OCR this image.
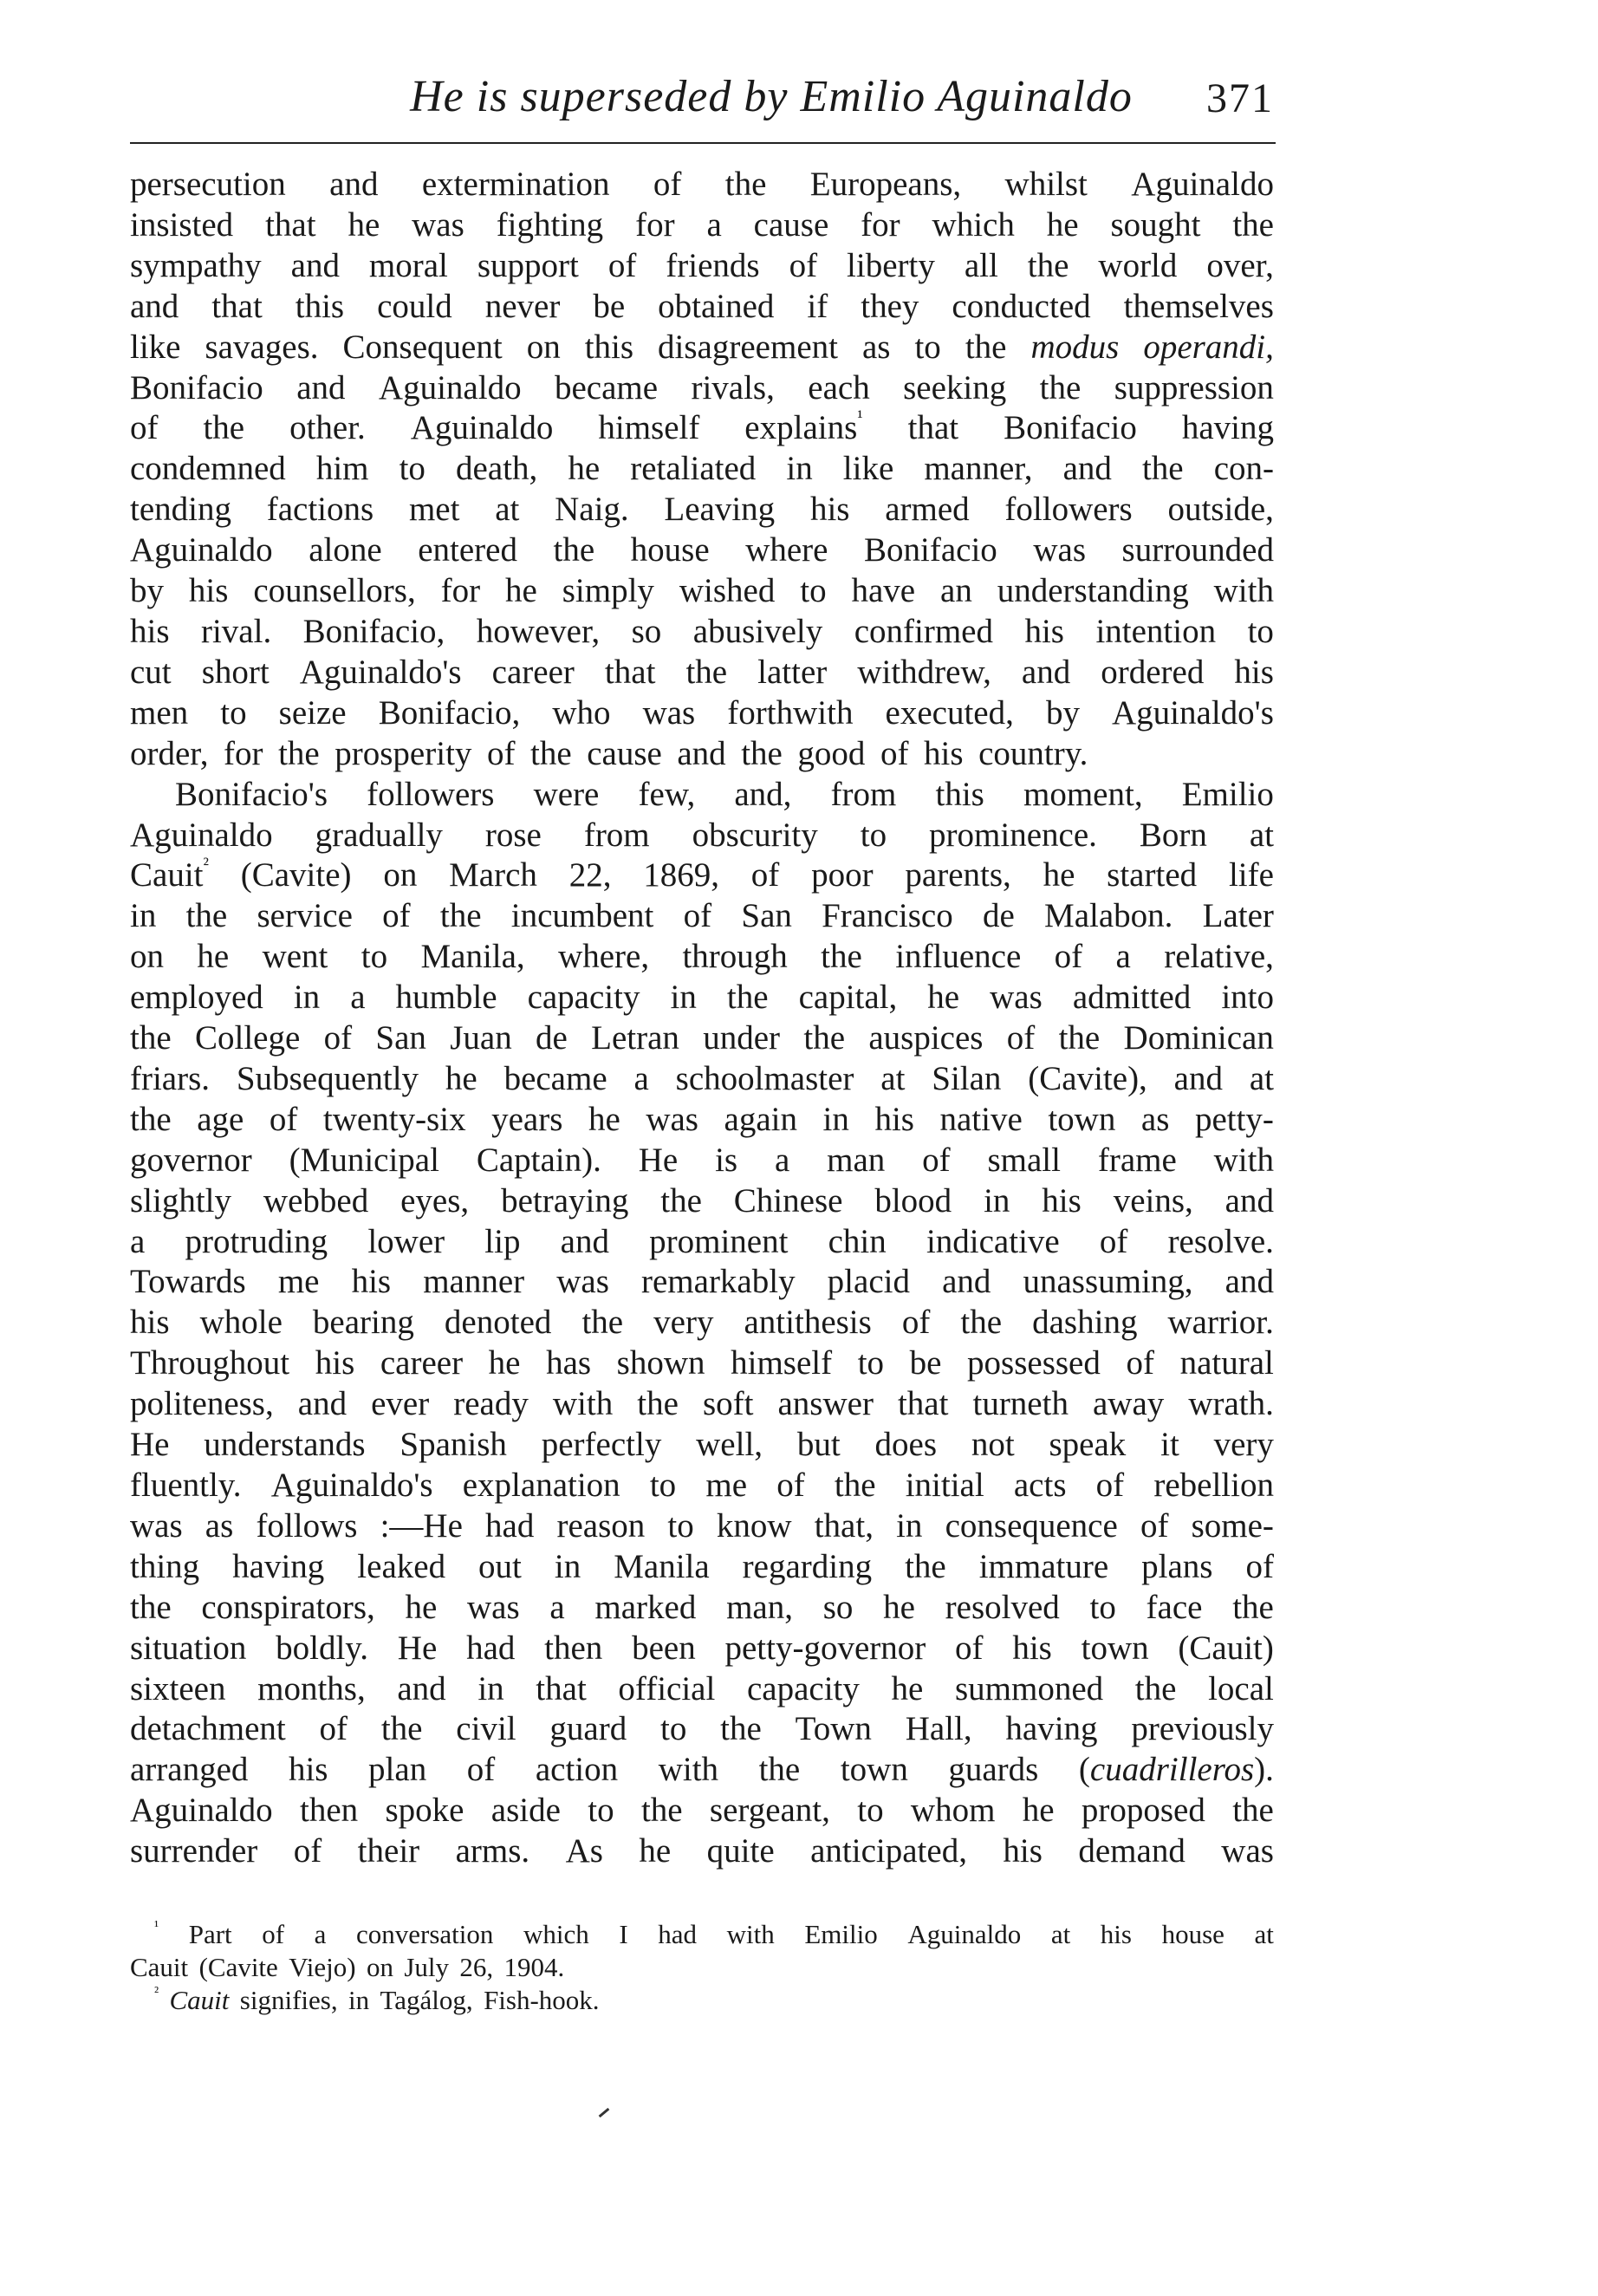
He is superseded by Emilio Aguinaldo	371
persecution and extermination of the Europeans, whilst Aguinaldo
insisted that he was fighting for a cause for which he sought the
sympathy and moral support of friends of liberty all the world over,
and that this could never be obtained if they conducted themselves
like savages. Consequent on this disagreement as to the modus operandi,
Bonifacio and Aguinaldo became rivals, each seeking the suppression
of the other. Aguinaldo himself explains$^{^1}$ that Bonifacio having
condemned him to death, he retaliated in like manner, and the con-
tending factions met at Naig. Leaving his armed followers outside,
Aguinaldo alone entered the house where Bonifacio was surrounded
by his counsellors, for he simply wished to have an understanding with
his rival. Bonifacio, however, so abusively confirmed his intention to
cut short Aguinaldo's career that the latter withdrew, and ordered his
men to seize Bonifacio, who was forthwith executed, by Aguinaldo's
order, for the prosperity of the cause and the good of his country.
Bonifacio's followers were few, and, from this moment, Emilio
Aguinaldo gradually rose from obscurity to prominence. Born at
Cauit$^{^2}$ (Cavite) on March 22, 1869, of poor parents, he started life
in the service of the incumbent of San Francisco de Malabon. Later
on he went to Manila, where, through the influence of a relative,
employed in a humble capacity in the capital, he was admitted into
the College of San Juan de Letran under the auspices of the Dominican
friars. Subsequently he became a schoolmaster at Silan (Cavite), and at
the age of twenty-six years he was again in his native town as petty-
governor (Municipal Captain). He is a man of small frame with
slightly webbed eyes, betraying the Chinese blood in his veins, and
a protruding lower lip and prominent chin indicative of resolve.
Towards me his manner was remarkably placid and unassuming, and
his whole bearing denoted the very antithesis of the dashing warrior.
Throughout his career he has shown himself to be possessed of natural
politeness, and ever ready with the soft answer that turneth away wrath.
He understands Spanish perfectly well, but does not speak it very
fluently. Aguinaldo's explanation to me of the initial acts of rebellion
was as follows :—He had reason to know that, in consequence of some-
thing having leaked out in Manila regarding the immature plans of
the conspirators, he was a marked man, so he resolved to face the
situation boldly. He had then been petty-governor of his town (Cauit)
sixteen months, and in that official capacity he summoned the local
detachment of the civil guard to the Town Hall, having previously
arranged his plan of action with the town guards (cuadrilleros).
Aguinaldo then spoke aside to the sergeant, to whom he proposed the
surrender of their arms. As he quite anticipated, his demand was
$^{^1}$ Part of a conversation which I had with Emilio Aguinaldo at his house at
Cauit (Cavite Viejo) on July 26, 1904.
$^{^2}$ Cauit signifies, in Tagálog, Fish-hook.
